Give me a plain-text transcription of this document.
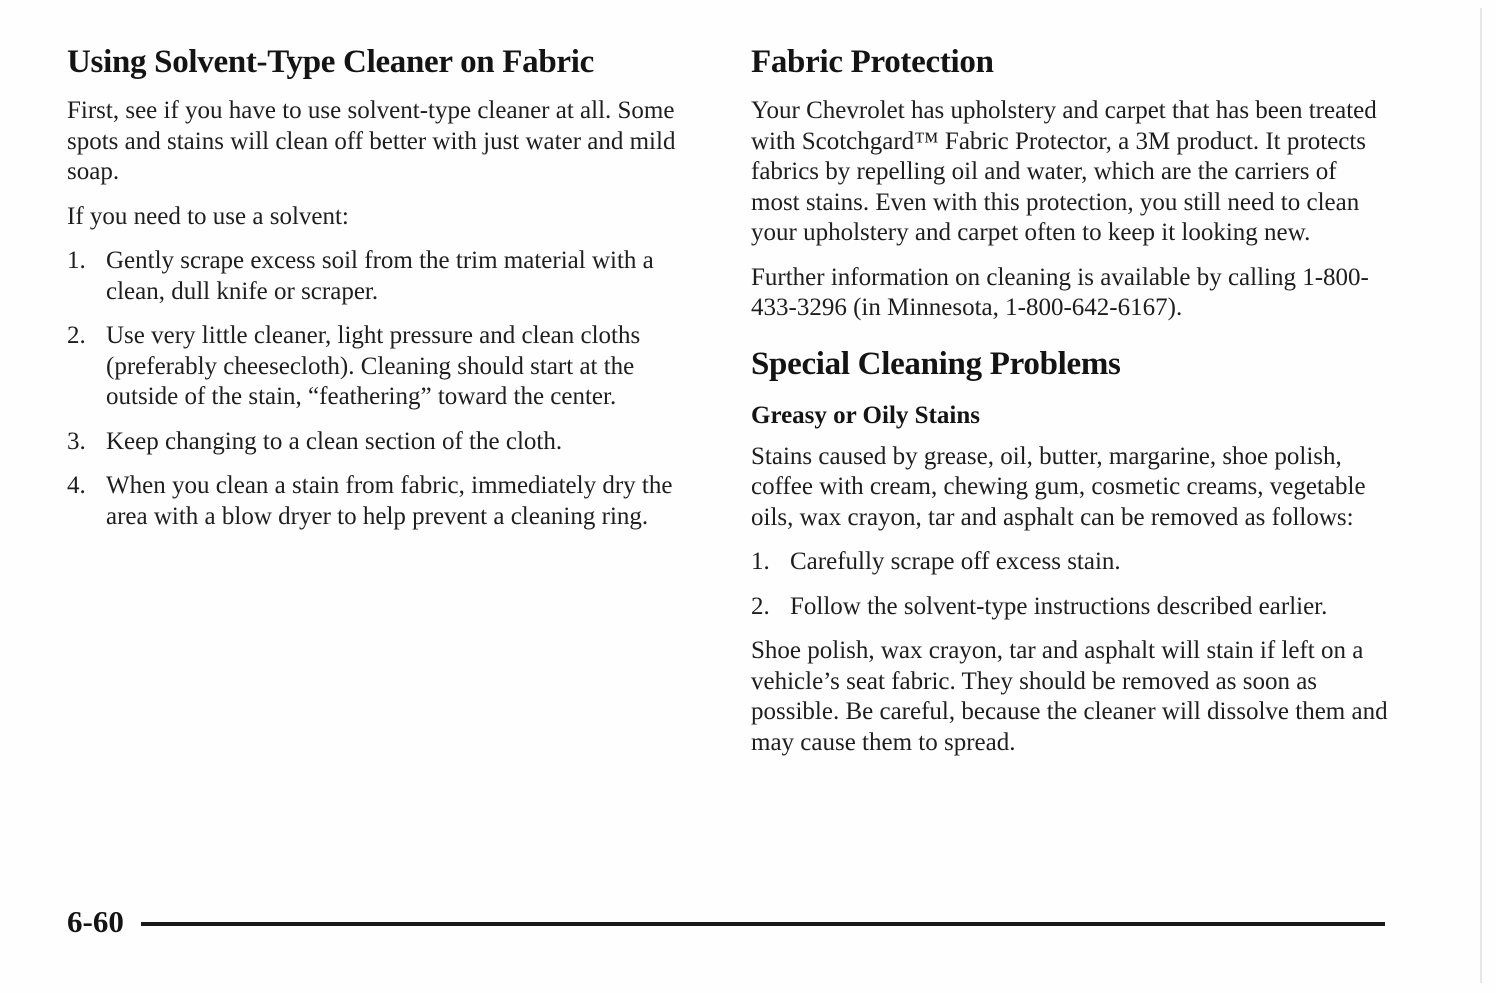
Using Solvent-Type Cleaner on Fabric

First, see if you have to use solvent-type cleaner at all. Some spots and stains will clean off better with just water and mild soap.

If you need to use a solvent:

1. Gently scrape excess soil from the trim material with a clean, dull knife or scraper.
2. Use very little cleaner, light pressure and clean cloths (preferably cheesecloth). Cleaning should start at the outside of the stain, “feathering” toward the center.
3. Keep changing to a clean section of the cloth.
4. When you clean a stain from fabric, immediately dry the area with a blow dryer to help prevent a cleaning ring.
Fabric Protection

Your Chevrolet has upholstery and carpet that has been treated with Scotchgard™ Fabric Protector, a 3M product. It protects fabrics by repelling oil and water, which are the carriers of most stains. Even with this protection, you still need to clean your upholstery and carpet often to keep it looking new.

Further information on cleaning is available by calling 1-800-433-3296 (in Minnesota, 1-800-642-6167).

Special Cleaning Problems
Greasy or Oily Stains

Stains caused by grease, oil, butter, margarine, shoe polish, coffee with cream, chewing gum, cosmetic creams, vegetable oils, wax crayon, tar and asphalt can be removed as follows:

1. Carefully scrape off excess stain.
2. Follow the solvent-type instructions described earlier.

Shoe polish, wax crayon, tar and asphalt will stain if left on a vehicle’s seat fabric. They should be removed as soon as possible. Be careful, because the cleaner will dissolve them and may cause them to spread.

6-60
